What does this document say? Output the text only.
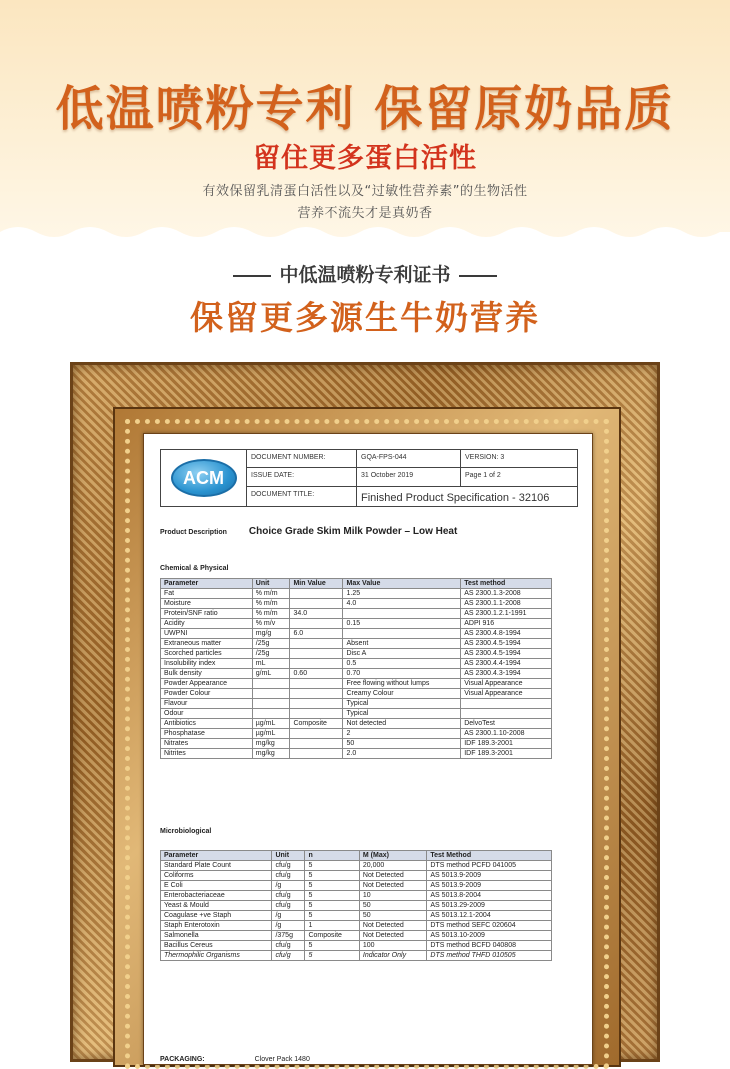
低温喷粉专利 保留原奶品质
留住更多蛋白活性
有效保留乳清蛋白活性以及“过敏性营养素”的生物活性
营养不流失才是真奶香
中低温喷粉专利证书
保留更多源生牛奶营养
ACM
DOCUMENT NUMBER:	GQA-FPS-044	VERSION: 3
ISSUE DATE:	31 October 2019	Page 1 of 2
DOCUMENT TITLE:	Finished Product Specification - 32106
Product Description Choice Grade Skim Milk Powder – Low Heat
Chemical & Physical
Parameter	Unit	Min Value	Max Value	Test method
Fat	% m/m		1.25	AS 2300.1.3-2008
Moisture	% m/m		4.0	AS 2300.1.1-2008
Protein/SNF ratio	% m/m	34.0		AS 2300.1.2.1-1991
Acidity	% m/v		0.15	ADPI 916
UWPNI	mg/g	6.0		AS 2300.4.8-1994
Extraneous matter	/25g		Absent	AS 2300.4.5-1994
Scorched particles	/25g		Disc A	AS 2300.4.5-1994
Insolubility index	mL		0.5	AS 2300.4.4-1994
Bulk density	g/mL	0.60	0.70	AS 2300.4.3-1994
Powder Appearance			Free flowing without lumps	Visual Appearance
Powder Colour			Creamy Colour	Visual Appearance
Flavour			Typical	
Odour			Typical	
Antibiotics	µg/mL	Composite	Not detected	DelvoTest
Phosphatase	µg/mL		2	AS 2300.1.10-2008
Nitrates	mg/kg		50	IDF 189.3-2001
Nitrites	mg/kg		2.0	IDF 189.3-2001
Microbiological
Parameter	Unit	n	M (Max)	Test Method
Standard Plate Count	cfu/g	5	20,000	DTS method PCFD 041005
Coliforms	cfu/g	5	Not Detected	AS 5013.9-2009
E Coli	/g	5	Not Detected	AS 5013.9-2009
Enterobacteriaceae	cfu/g	5	10	AS 5013.8-2004
Yeast & Mould	cfu/g	5	50	AS 5013.29-2009
Coagulase +ve Staph	/g	5	50	AS 5013.12.1-2004
Staph Enterotoxin	/g	1	Not Detected	DTS method SEFC 020604
Salmonella	/375g	Composite	Not Detected	AS 5013.10-2009
Bacillus Cereus	cfu/g	5	100	DTS method BCFD 040808
Thermophilic Organisms	cfu/g	5	Indicator Only	DTS method THFD 010505
PACKAGING:	Clover Pack 1480
